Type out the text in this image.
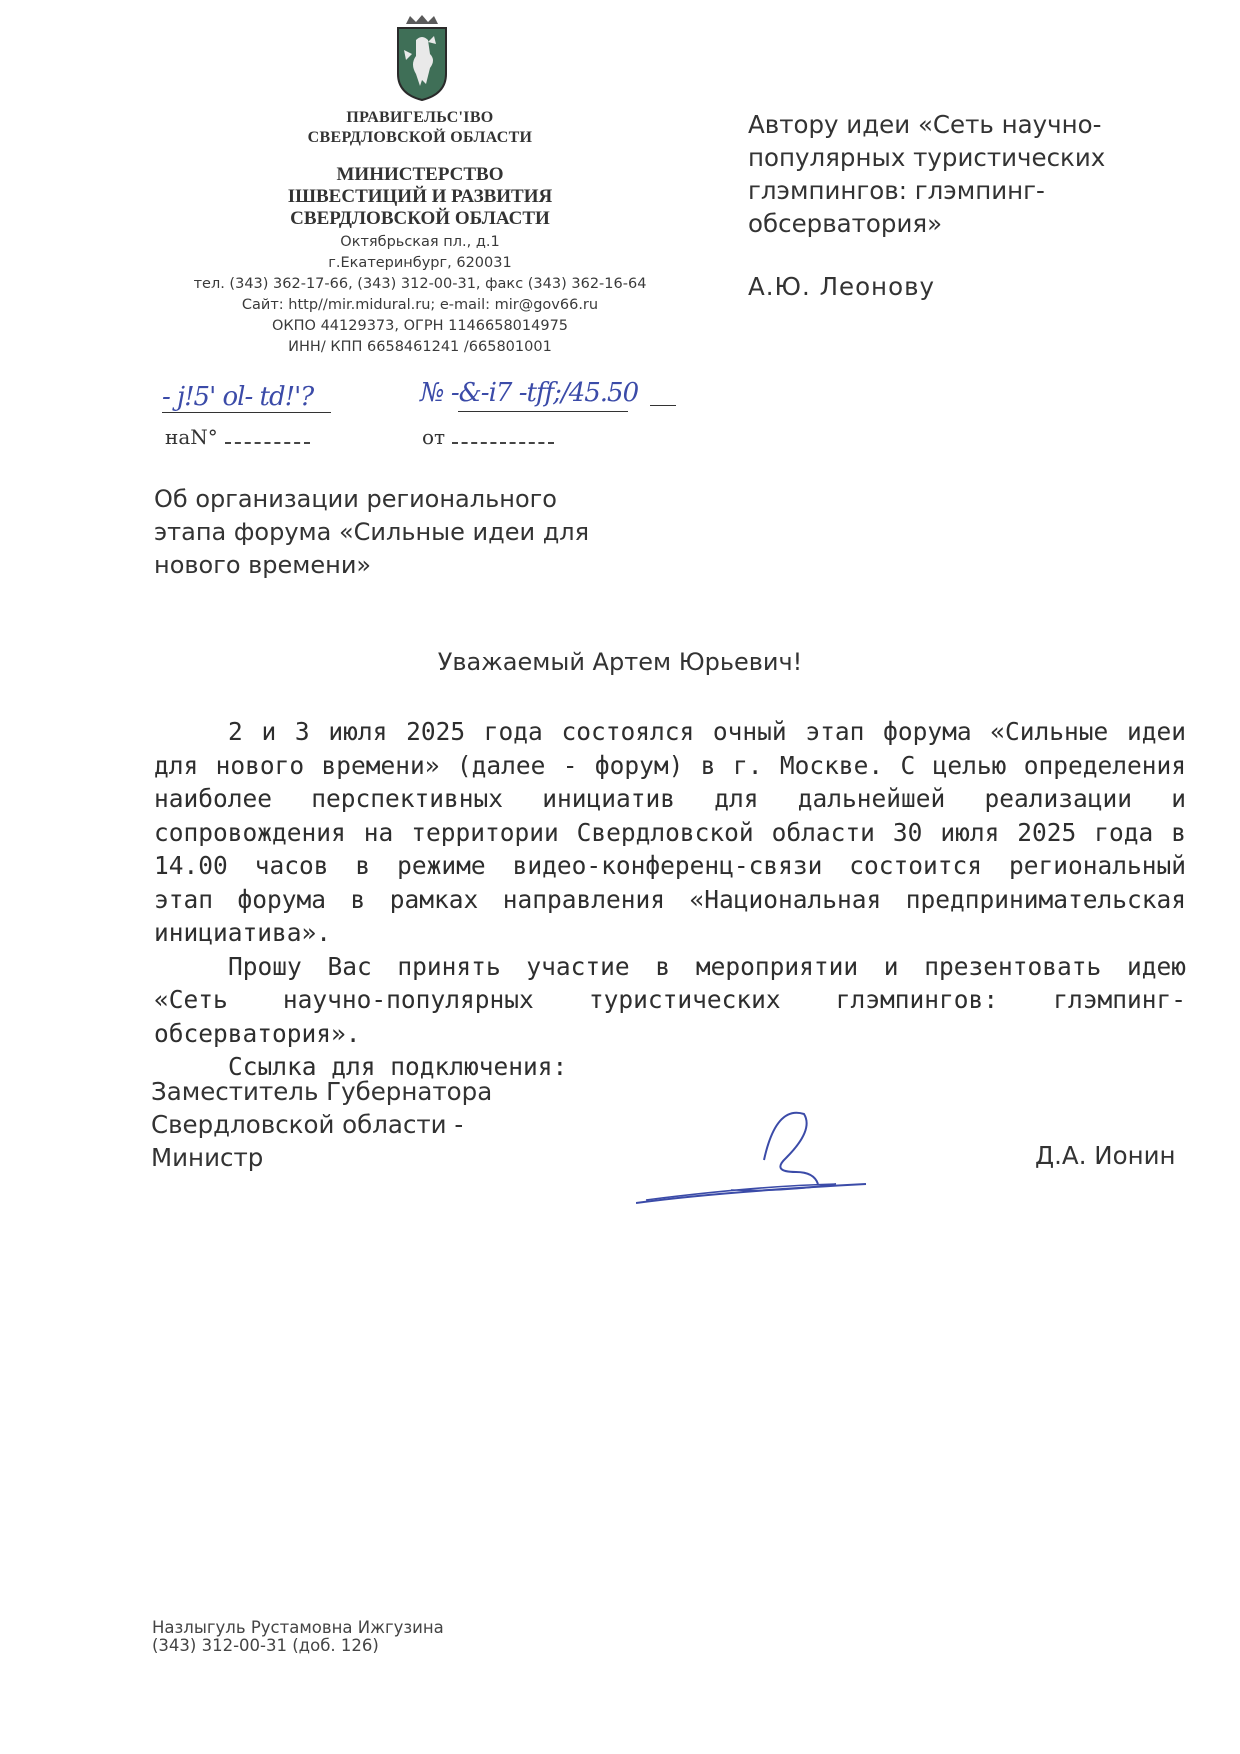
ПРАВИГЕЛЬС'IВО
СВЕРДЛОВСКОЙ ОБЛАСТИ
МИНИСТЕРСТВО
IШВЕСТИЦИЙ И РАЗВИТИЯ
СВЕРДЛОВСКОЙ ОБЛАСТИ
Октябрьская пл., д.1
г.Екатеринбург, 620031
тел. (343) 362-17-66, (343) 312-00-31, факс (343) 362-16-64
Сайт: http//mir.midural.ru; e-mail: mir@gov66.ru
ОКПО 44129373, ОГРН 1146658014975
ИНН/ КПП 6658461241 /665801001
Автору идеи «Сеть научно-популярных туристических глэмпингов: глэмпинг-обсерватория»
А.Ю. Леонову
- j!5' ol- td!'?	№ -&-i7 -tff;/45.50
наN°	от
Об организации регионального этапа форума «Сильные идеи для нового времени»
Уважаемый Артем Юрьевич!

2 и 3 июля 2025 года состоялся очный этап форума «Сильные идеи для нового времени» (далее - форум) в г. Москве. С целью определения наиболее перспективных инициатив для дальнейшей реализации и сопровождения на территории Свердловской области 30 июля 2025 года в 14.00 часов в режиме видео-конференц-связи состоится региональный этап форума в рамках направления «Национальная предпринимательская инициатива».

Прошу Вас принять участие в мероприятии и презентовать идею «Сеть научно-популярных туристических глэмпингов: глэмпинг-обсерватория».

Ссылка для подключения:

Заместитель Губернатора Свердловской области - Министр	Д.А. Ионин
Назлыгуль Рустамовна Ижгузина
(343) 312-00-31 (доб. 126)
